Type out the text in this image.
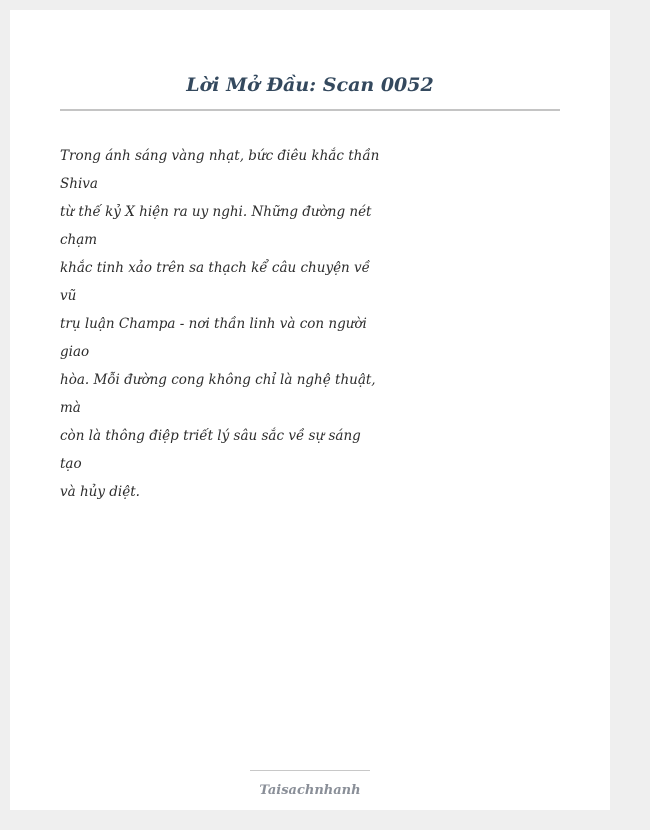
Lời Mở Đầu: Scan 0052
Trong ánh sáng vàng nhạt, bức điêu khắc thần
Shiva
từ thế kỷ X hiện ra uy nghi. Những đường nét
chạm
khắc tinh xảo trên sa thạch kể câu chuyện về
vũ
trụ luận Champa - nơi thần linh và con người
giao
hòa. Mỗi đường cong không chỉ là nghệ thuật,
mà
còn là thông điệp triết lý sâu sắc về sự sáng
tạo
và hủy diệt.
Taisachnhanh
